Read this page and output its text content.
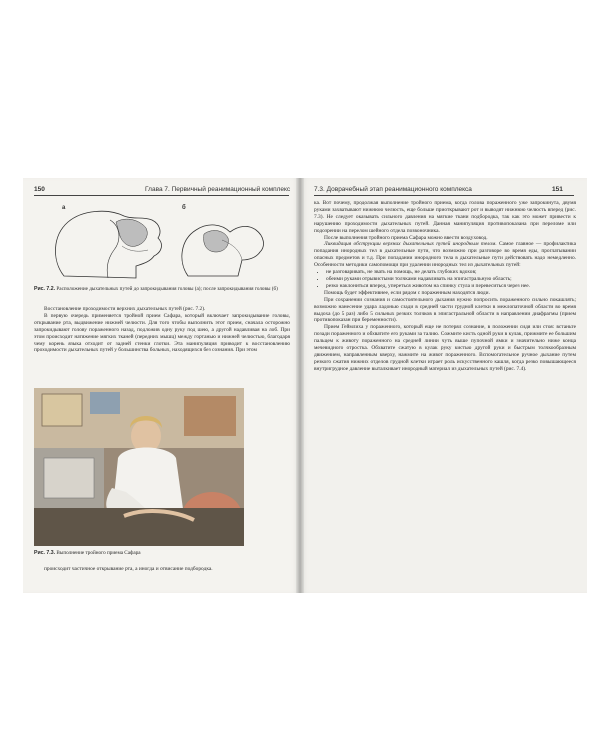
150	Глава 7. Первичный реанимационный комплекс	7.3. Доврачебный этап реанимационного комплекса	151
а	б
Рис. 7.2. Расположение дыхательных путей до запрокидывания головы (а); после запрокидывания головы (б)

Восстановление проходимости верхних дыхательных путей (рис. 7.2).

В первую очередь применяется тройной прием Сафара, который включает запрокидывание головы, открывание рта, выдвижение нижней челюсти. Для того чтобы выполнить этот прием, сначала осторожно запрокидывают голову пораженного назад, подложив одну руку под шею, а другой надавливая на лоб. При этом происходит натяжение мягких тканей (передних мышц) между гортанью и нижней челюстью, благодаря чему корень языка отходит от задней стенки глотки. Эта манипуляция приводит к восстановлению проходимости дыхательных путей у большинства больных, находящихся без сознания. При этом

Рис. 7.3. Выполнение тройного приема Сафара

происходит частичное открывание рта, а иногда и отвисание подбородка.

ка. Вот почему, продолжая выполнение тройного приема, когда голова пораженного уже запрокинута, двумя руками захватывают нижнюю челюсть, еще больше приоткрывают рот и выводят нижнюю челюсть вперед (рис. 7.3). Не следует оказывать сильного давления на мягкие ткани подбородка, так как это может привести к нарушению проходимости дыхательных путей. Данная манипуляция противопоказана при переломе или подозрении на перелом шейного отдела позвоночника.

После выполнения тройного приема Сафара можно ввести воздуховод.

Ликвидация обструкции верхних дыхательных путей инородным телом. Самое главное — профилактика попадания инородных тел в дыхательные пути, что возможно при разговоре во время еды, проглатывании опасных предметов и т.д. При попадании инородного тела в дыхательные пути действовать надо немедленно. Особенности методики самопомощи при удалении инородных тел из дыхательных путей:

• не разговаривать, не звать на помощь, не делать глубоких вдохов;
• обеими руками отрывистыми толчками надавливать на эпигастральную область;
• резко наклониться вперед, упереться животом на спинку стула и перевеситься через нее.

Помощь будет эффективнее, если рядом с пораженным находятся люди.

При сохранении сознания и самостоятельного дыхания нужно попросить пораженного сильно покашлять; возможно нанесение удара ладонью сзади в средней части грудной клетки в межлопаточной области во время выдоха (до 5 раз) либо 5 сильных резких толчков в эпигастральной области в направлении диафрагмы (прием противопоказан при беременности).

Прием Геймлиха у пораженного, который еще не потерял сознание, в положении сидя или стоя: встаньте позади пораженного и обхватите его руками за талию. Сожмите кисть одной руки в кулак, прижмите ее большим пальцем к животу пораженного на средней линии чуть выше пупочной ямки и значительно ниже конца мечевидного отростка. Обхватите сжатую в кулак руку кистью другой руки и быстрым толчкообразным движением, направленным кверху, нажмите на живот пораженного. Вспомогательное ручное дыхание путем резкого сжатия нижних отделов грудной клетки играет роль искусственного кашля, когда резко повышающееся внутригрудное давление выталкивает инородный материал из дыхательных путей (рис. 7.4).
